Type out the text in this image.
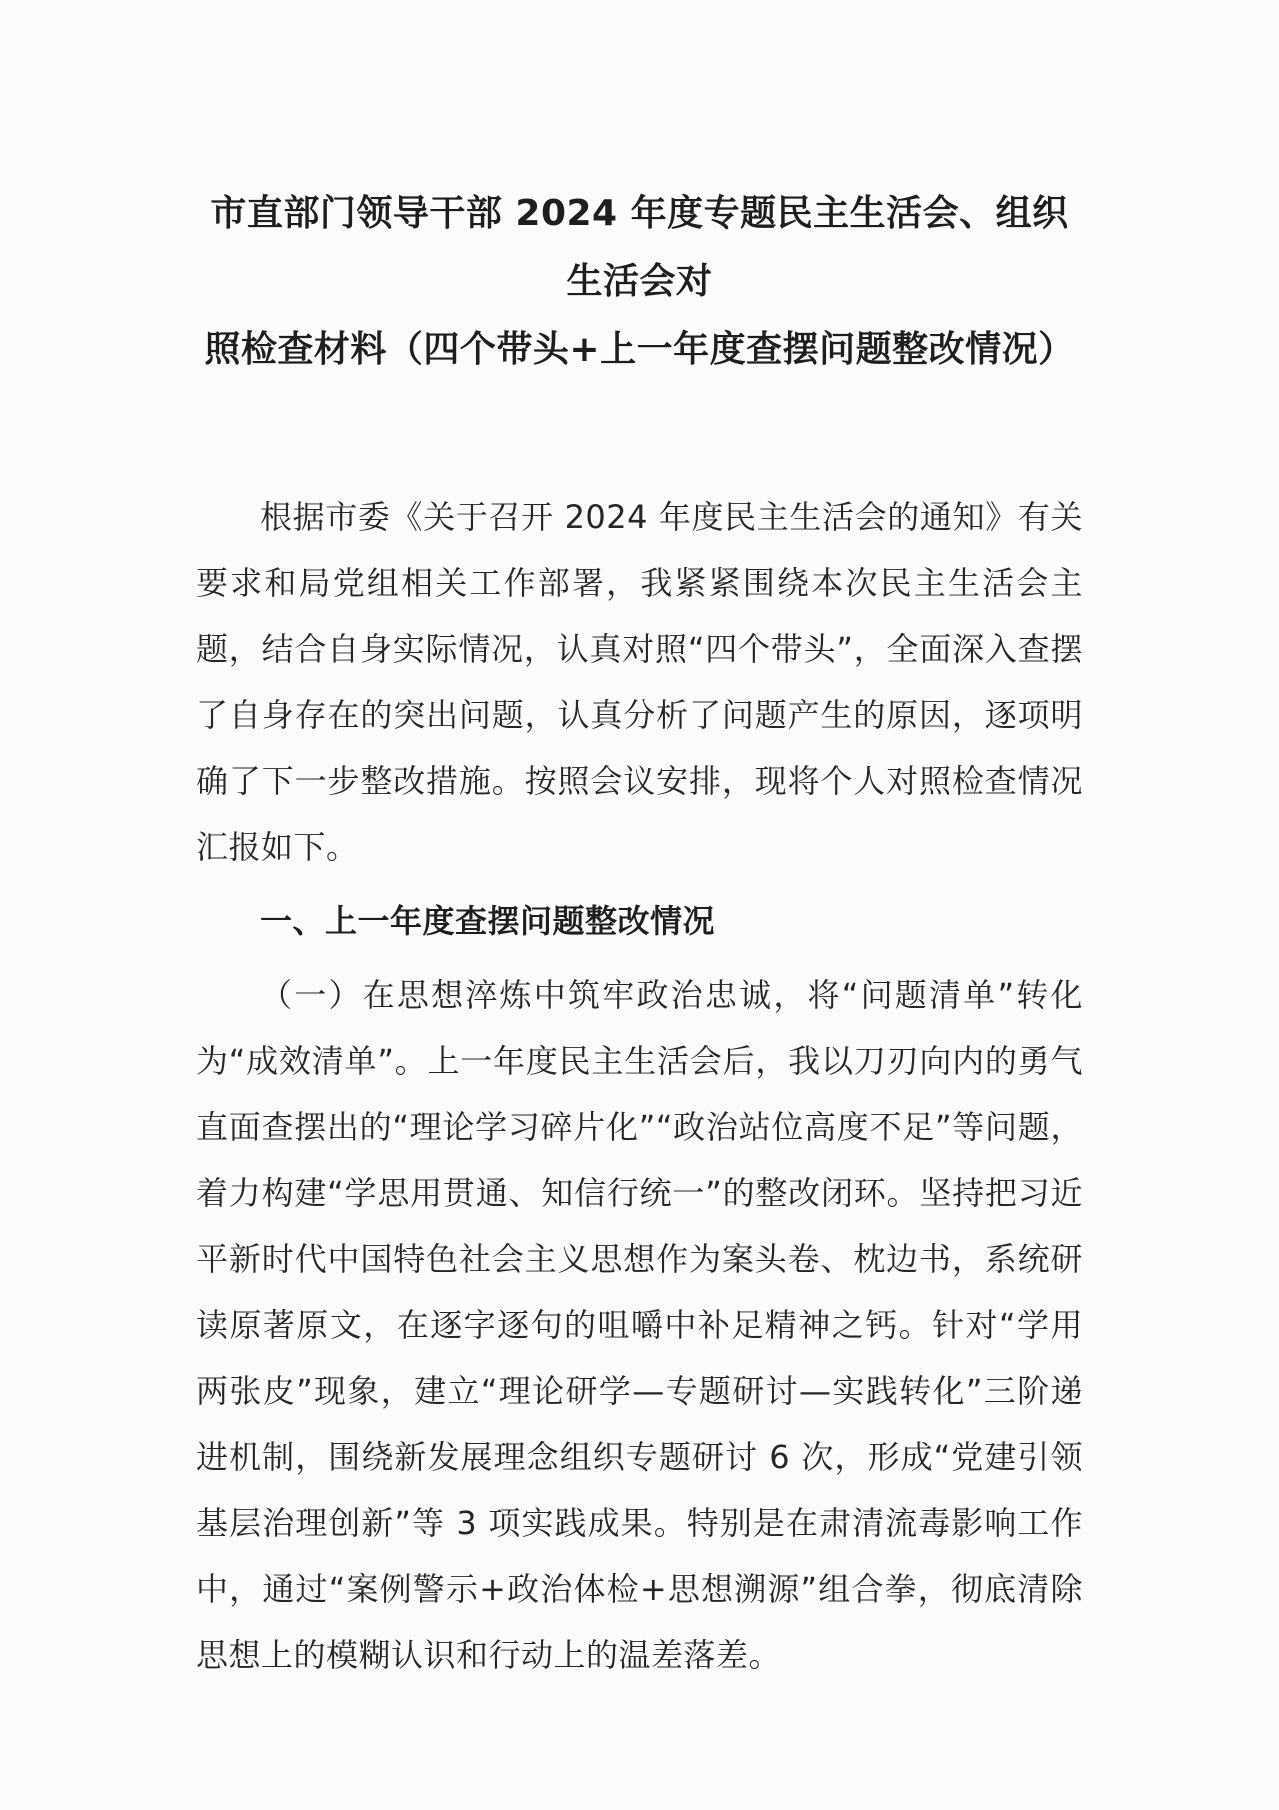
市直部门领导干部 2024 年度专题民主生活会、组织生活会对
照检查材料（四个带头+上一年度查摆问题整改情况）

根据市委《关于召开 2024 年度民主生活会的通知》有关要求和局党组相关工作部署，我紧紧围绕本次民主生活会主题，结合自身实际情况，认真对照“四个带头”，全面深入查摆了自身存在的突出问题，认真分析了问题产生的原因，逐项明确了下一步整改措施。按照会议安排，现将个人对照检查情况汇报如下。

一、上一年度查摆问题整改情况

（一）在思想淬炼中筑牢政治忠诚，将“问题清单”转化为“成效清单”。上一年度民主生活会后，我以刀刃向内的勇气直面查摆出的“理论学习碎片化”“政治站位高度不足”等问题，着力构建“学思用贯通、知信行统一”的整改闭环。坚持把习近平新时代中国特色社会主义思想作为案头卷、枕边书，系统研读原著原文，在逐字逐句的咀嚼中补足精神之钙。针对“学用两张皮”现象，建立“理论研学—专题研讨—实践转化”三阶递进机制，围绕新发展理念组织专题研讨 6 次，形成“党建引领基层治理创新”等 3 项实践成果。特别是在肃清流毒影响工作中，通过“案例警示+政治体检+思想溯源”组合拳，彻底清除思想上的模糊认识和行动上的温差落差。
